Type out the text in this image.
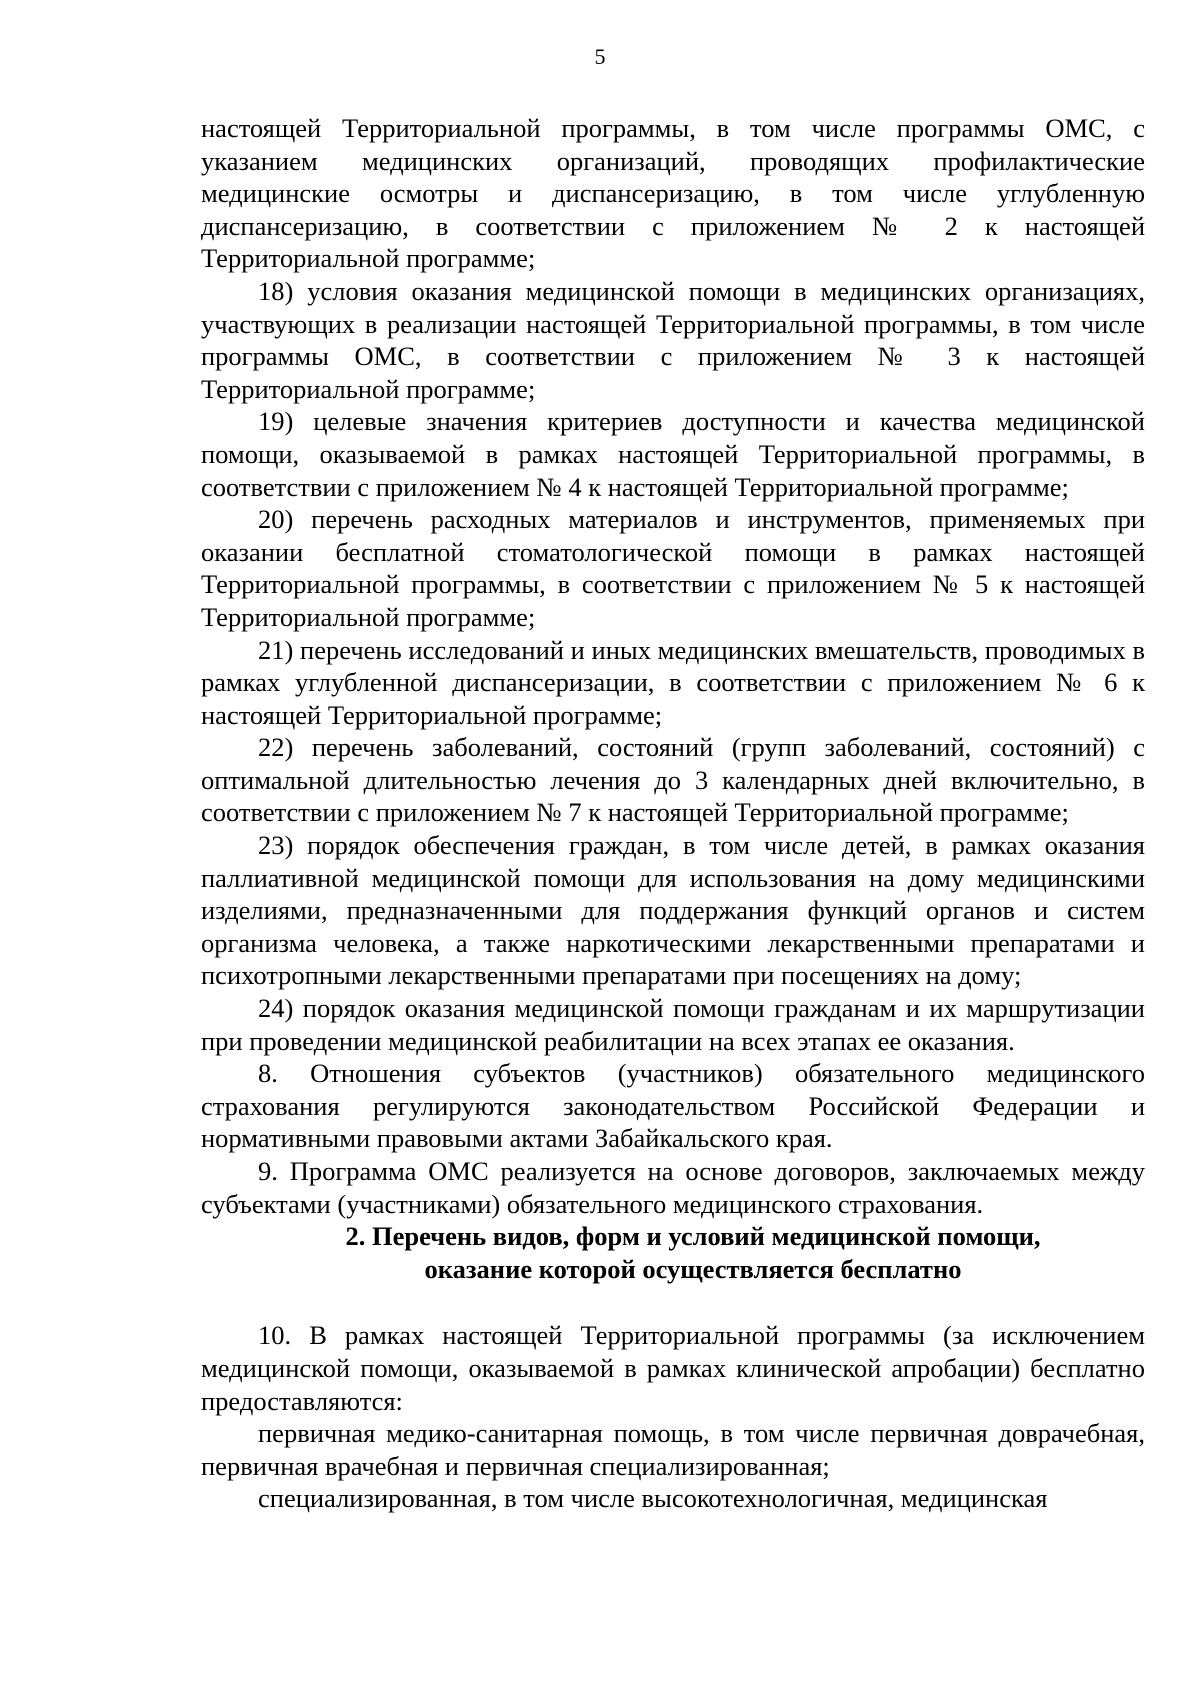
5

настоящей Территориальной программы, в том числе программы ОМС, с указанием медицинских организаций, проводящих профилактические медицинские осмотры и диспансеризацию, в том числе углубленную диспансеризацию, в соответствии с приложением № 2 к настоящей Территориальной программе;

18) условия оказания медицинской помощи в медицинских организациях, участвующих в реализации настоящей Территориальной программы, в том числе программы ОМС, в соответствии с приложением № 3 к настоящей Территориальной программе;

19) целевые значения критериев доступности и качества медицинской помощи, оказываемой в рамках настоящей Территориальной программы, в соответствии с приложением № 4 к настоящей Территориальной программе;

20) перечень расходных материалов и инструментов, применяемых при оказании бесплатной стоматологической помощи в рамках настоящей Территориальной программы, в соответствии с приложением № 5 к настоящей Территориальной программе;

21) перечень исследований и иных медицинских вмешательств, проводимых в рамках углубленной диспансеризации, в соответствии с приложением № 6 к настоящей Территориальной программе;

22) перечень заболеваний, состояний (групп заболеваний, состояний) с оптимальной длительностью лечения до 3 календарных дней включительно, в соответствии с приложением № 7 к настоящей Территориальной программе;

23) порядок обеспечения граждан, в том числе детей, в рамках оказания паллиативной медицинской помощи для использования на дому медицинскими изделиями, предназначенными для поддержания функций органов и систем организма человека, а также наркотическими лекарственными препаратами и психотропными лекарственными препаратами при посещениях на дому;

24) порядок оказания медицинской помощи гражданам и их маршрутизации при проведении медицинской реабилитации на всех этапах ее оказания.

8. Отношения субъектов (участников) обязательного медицинского страхования регулируются законодательством Российской Федерации и нормативными правовыми актами Забайкальского края.

9. Программа ОМС реализуется на основе договоров, заключаемых между субъектами (участниками) обязательного медицинского страхования.

2. Перечень видов, форм и условий медицинской помощи,

оказание которой осуществляется бесплатно

10. В рамках настоящей Территориальной программы (за исключением медицинской помощи, оказываемой в рамках клинической апробации) бесплатно предоставляются:

первичная медико-санитарная помощь, в том числе первичная доврачебная, первичная врачебная и первичная специализированная;

специализированная, в том числе высокотехнологичная, медицинская
